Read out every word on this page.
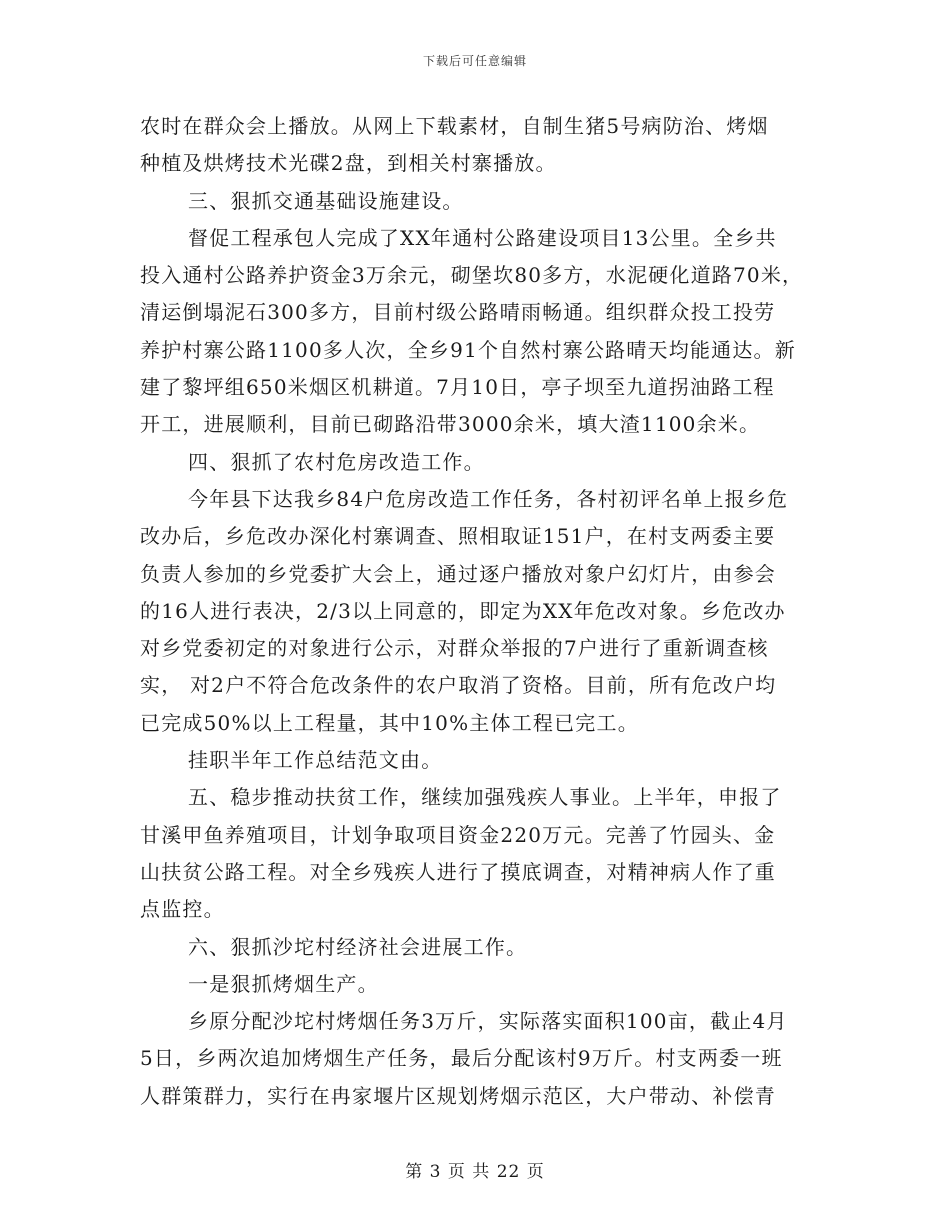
下载后可任意编辑
农时在群众会上播放。从网上下载素材，自制生猪5号病防治、烤烟
种植及烘烤技术光碟2盘，到相关村寨播放。
三、狠抓交通基础设施建设。
督促工程承包人完成了XX年通村公路建设项目13公里。全乡共
投入通村公路养护资金3万余元，砌堡坎80多方，水泥硬化道路70米，
清运倒塌泥石300多方，目前村级公路晴雨畅通。组织群众投工投劳
养护村寨公路1100多人次，全乡91个自然村寨公路晴天均能通达。新
建了黎坪组650米烟区机耕道。7月10日，亭子坝至九道拐油路工程
开工，进展顺利，目前已砌路沿带3000余米，填大渣1100余米。
四、狠抓了农村危房改造工作。
今年县下达我乡84户危房改造工作任务，各村初评名单上报乡危
改办后，乡危改办深化村寨调查、照相取证151户，在村支两委主要
负责人参加的乡党委扩大会上，通过逐户播放对象户幻灯片，由参会
的16人进行表决，2/3以上同意的，即定为XX年危改对象。乡危改办
对乡党委初定的对象进行公示，对群众举报的7户进行了重新调查核
实， 对2户不符合危改条件的农户取消了资格。目前，所有危改户均
已完成50%以上工程量，其中10%主体工程已完工。
挂职半年工作总结范文由。
五、稳步推动扶贫工作，继续加强残疾人事业。上半年，申报了
甘溪甲鱼养殖项目，计划争取项目资金220万元。完善了竹园头、金
山扶贫公路工程。对全乡残疾人进行了摸底调查，对精神病人作了重
点监控。
六、狠抓沙坨村经济社会进展工作。
一是狠抓烤烟生产。
乡原分配沙坨村烤烟任务3万斤，实际落实面积100亩，截止4月
5日，乡两次追加烤烟生产任务，最后分配该村9万斤。村支两委一班
人群策群力，实行在冉家堰片区规划烤烟示范区，大户带动、补偿青
第 3 页 共 22 页
